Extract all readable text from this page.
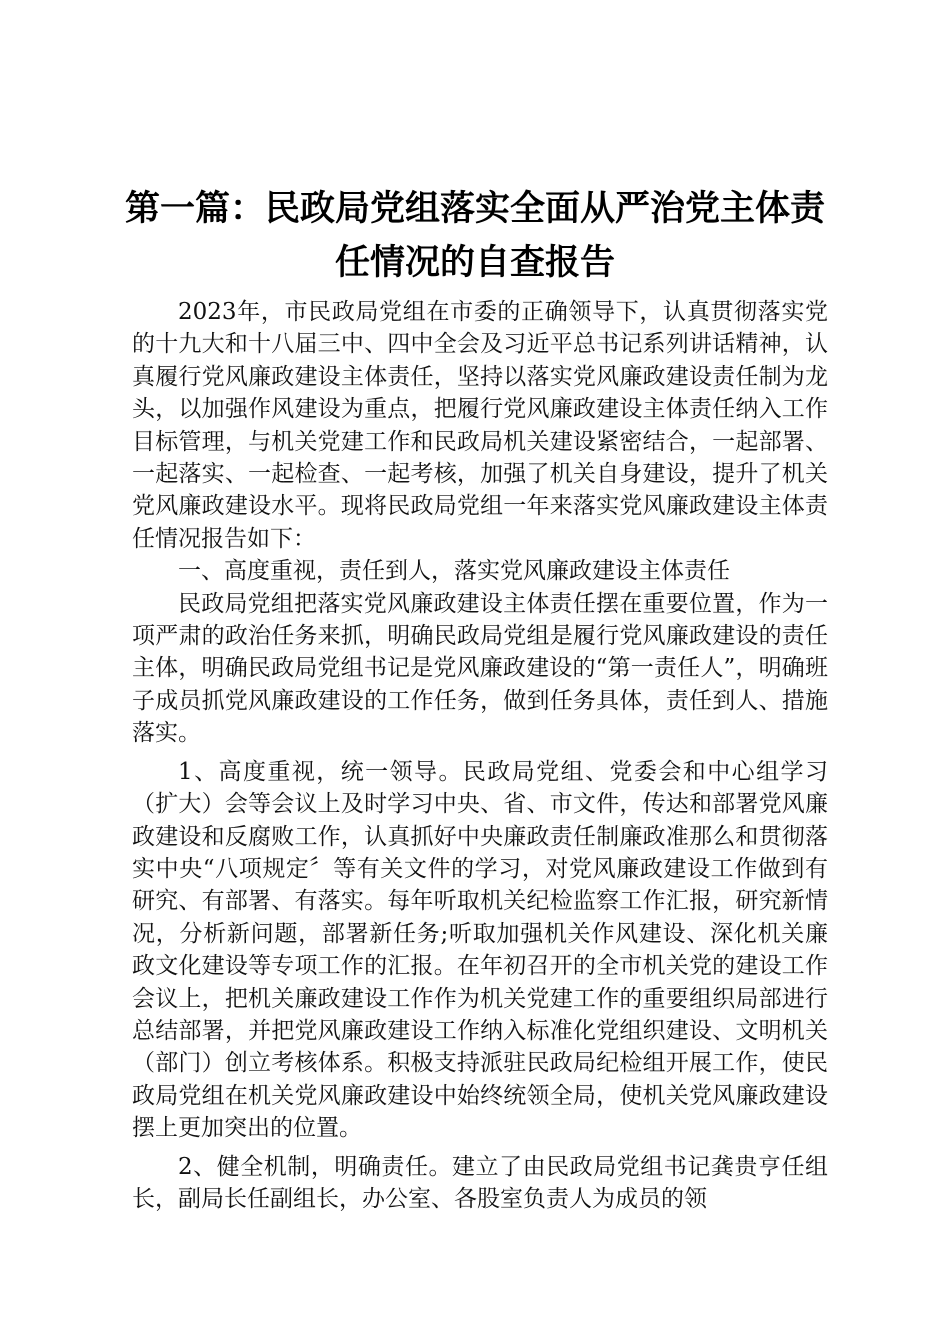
第一篇：民政局党组落实全面从严治党主体责
任情况的自查报告

2023年，市民政局党组在市委的正确领导下，认真贯彻落实党的十九大和十八届三中、四中全会及习近平总书记系列讲话精神，认真履行党风廉政建设主体责任，坚持以落实党风廉政建设责任制为龙头，以加强作风建设为重点，把履行党风廉政建设主体责任纳入工作目标管理，与机关党建工作和民政局机关建设紧密结合，一起部署、一起落实、一起检查、一起考核，加强了机关自身建设，提升了机关党风廉政建设水平。现将民政局党组一年来落实党风廉政建设主体责任情况报告如下：

一、高度重视，责任到人，落实党风廉政建设主体责任

民政局党组把落实党风廉政建设主体责任摆在重要位置，作为一项严肃的政治任务来抓，明确民政局党组是履行党风廉政建设的责任主体，明确民政局党组书记是党风廉政建设的“第一责任人”，明确班子成员抓党风廉政建设的工作任务，做到任务具体，责任到人、措施落实。

1、高度重视，统一领导。民政局党组、党委会和中心组学习（扩大）会等会议上及时学习中央、省、市文件，传达和部署党风廉政建设和反腐败工作，认真抓好中央廉政责任制廉政准那么和贯彻落实中央“八项规定〞等有关文件的学习，对党风廉政建设工作做到有研究、有部署、有落实。每年听取机关纪检监察工作汇报，研究新情况，分析新问题，部署新任务;听取加强机关作风建设、深化机关廉政文化建设等专项工作的汇报。在年初召开的全市机关党的建设工作会议上，把机关廉政建设工作作为机关党建工作的重要组织局部进行总结部署，并把党风廉政建设工作纳入标准化党组织建设、文明机关（部门）创立考核体系。积极支持派驻民政局纪检组开展工作，使民政局党组在机关党风廉政建设中始终统领全局，使机关党风廉政建设摆上更加突出的位置。

2、健全机制，明确责任。建立了由民政局党组书记龚贵亨任组长，副局长任副组长，办公室、各股室负责人为成员的领
